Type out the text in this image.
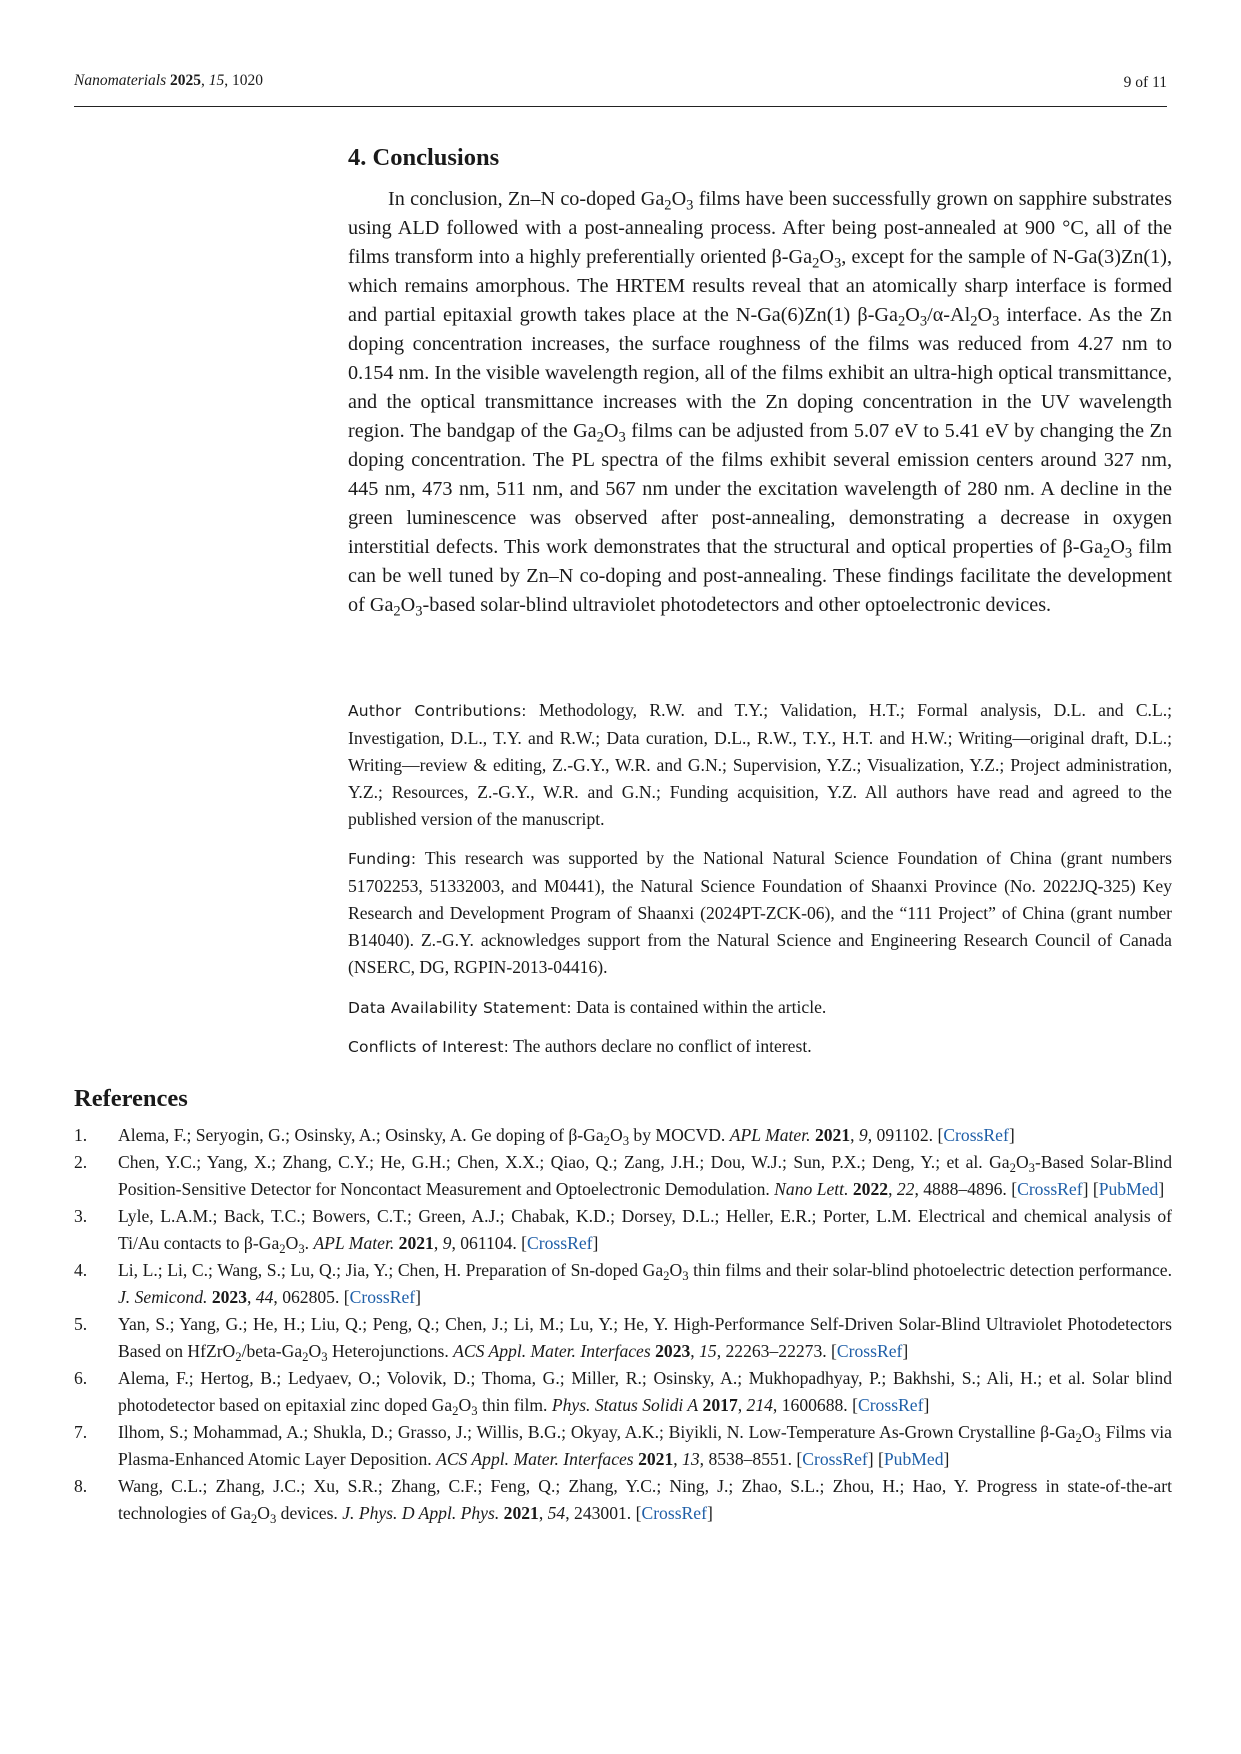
Nanomaterials 2025, 15, 1020	9 of 11
4. Conclusions

In conclusion, Zn–N co-doped $Ga_2O_3$ films have been successfully grown on sapphire substrates using ALD followed with a post-annealing process. After being post-annealed at 900 °C, all of the films transform into a highly preferentially oriented $\beta-Ga_2O_3$, except for the sample of N-Ga(3)Zn(1), which remains amorphous. The HRTEM results reveal that an atomically sharp interface is formed and partial epitaxial growth takes place at the N-Ga(6)Zn(1) $\beta-Ga_2O_3/\alpha-Al_2O_3$ interface. As the Zn doping concentration increases, the surface roughness of the films was reduced from 4.27 nm to 0.154 nm. In the visible wavelength region, all of the films exhibit an ultra-high optical transmittance, and the optical transmittance increases with the Zn doping concentration in the UV wavelength region. The bandgap of the $Ga_2O_3$ films can be adjusted from 5.07 eV to 5.41 eV by changing the Zn doping concentration. The PL spectra of the films exhibit several emission centers around 327 nm, 445 nm, 473 nm, 511 nm, and 567 nm under the excitation wavelength of 280 nm. A decline in the green luminescence was observed after post-annealing, demonstrating a decrease in oxygen interstitial defects. This work demonstrates that the structural and optical properties of $\beta-Ga_2O_3$ film can be well tuned by Zn–N co-doping and post-annealing. These findings facilitate the development of $Ga_2O_3$-based solar-blind ultraviolet photodetectors and other optoelectronic devices.

Author Contributions: Methodology, R.W. and T.Y.; Validation, H.T.; Formal analysis, D.L. and C.L.; Investigation, D.L., T.Y. and R.W.; Data curation, D.L., R.W., T.Y., H.T. and H.W.; Writing—original draft, D.L.; Writing—review & editing, Z.-G.Y., W.R. and G.N.; Supervision, Y.Z.; Visualization, Y.Z.; Project administration, Y.Z.; Resources, Z.-G.Y., W.R. and G.N.; Funding acquisition, Y.Z. All authors have read and agreed to the published version of the manuscript.

Funding: This research was supported by the National Natural Science Foundation of China (grant numbers 51702253, 51332003, and M0441), the Natural Science Foundation of Shaanxi Province (No. 2022JQ-325) Key Research and Development Program of Shaanxi (2024PT-ZCK-06), and the “111 Project” of China (grant number B14040). Z.-G.Y. acknowledges support from the Natural Science and Engineering Research Council of Canada (NSERC, DG, RGPIN-2013-04416).

Data Availability Statement: Data is contained within the article.

Conflicts of Interest: The authors declare no conflict of interest.

References
1. Alema, F.; Seryogin, G.; Osinsky, A.; Osinsky, A. Ge doping of $\beta-Ga_2O_3$ by MOCVD. APL Mater. 2021, 9, 091102. [CrossRef]
2. Chen, Y.C.; Yang, X.; Zhang, C.Y.; He, G.H.; Chen, X.X.; Qiao, Q.; Zang, J.H.; Dou, W.J.; Sun, P.X.; Deng, Y.; et al. $Ga_2O_3$-Based Solar-Blind Position-Sensitive Detector for Noncontact Measurement and Optoelectronic Demodulation. Nano Lett. 2022, 22, 4888–4896. [CrossRef] [PubMed]
3. Lyle, L.A.M.; Back, T.C.; Bowers, C.T.; Green, A.J.; Chabak, K.D.; Dorsey, D.L.; Heller, E.R.; Porter, L.M. Electrical and chemical analysis of Ti/Au contacts to $\beta-Ga_2O_3$. APL Mater. 2021, 9, 061104. [CrossRef]
4. Li, L.; Li, C.; Wang, S.; Lu, Q.; Jia, Y.; Chen, H. Preparation of Sn-doped $Ga_2O_3$ thin films and their solar-blind photoelectric detection performance. J. Semicond. 2023, 44, 062805. [CrossRef]
5. Yan, S.; Yang, G.; He, H.; Liu, Q.; Peng, Q.; Chen, J.; Li, M.; Lu, Y.; He, Y. High-Performance Self-Driven Solar-Blind Ultraviolet Photodetectors Based on $HfZrO_2/beta-Ga_2O_3$ Heterojunctions. ACS Appl. Mater. Interfaces 2023, 15, 22263–22273. [CrossRef]
6. Alema, F.; Hertog, B.; Ledyaev, O.; Volovik, D.; Thoma, G.; Miller, R.; Osinsky, A.; Mukhopadhyay, P.; Bakhshi, S.; Ali, H.; et al. Solar blind photodetector based on epitaxial zinc doped $Ga_2O_3$ thin film. Phys. Status Solidi A 2017, 214, 1600688. [CrossRef]
7. Ilhom, S.; Mohammad, A.; Shukla, D.; Grasso, J.; Willis, B.G.; Okyay, A.K.; Biyikli, N. Low-Temperature As-Grown Crystalline $\beta-Ga_2O_3$ Films via Plasma-Enhanced Atomic Layer Deposition. ACS Appl. Mater. Interfaces 2021, 13, 8538–8551. [CrossRef] [PubMed]
8. Wang, C.L.; Zhang, J.C.; Xu, S.R.; Zhang, C.F.; Feng, Q.; Zhang, Y.C.; Ning, J.; Zhao, S.L.; Zhou, H.; Hao, Y. Progress in state-of-the-art technologies of $Ga_2O_3$ devices. J. Phys. D Appl. Phys. 2021, 54, 243001. [CrossRef]
